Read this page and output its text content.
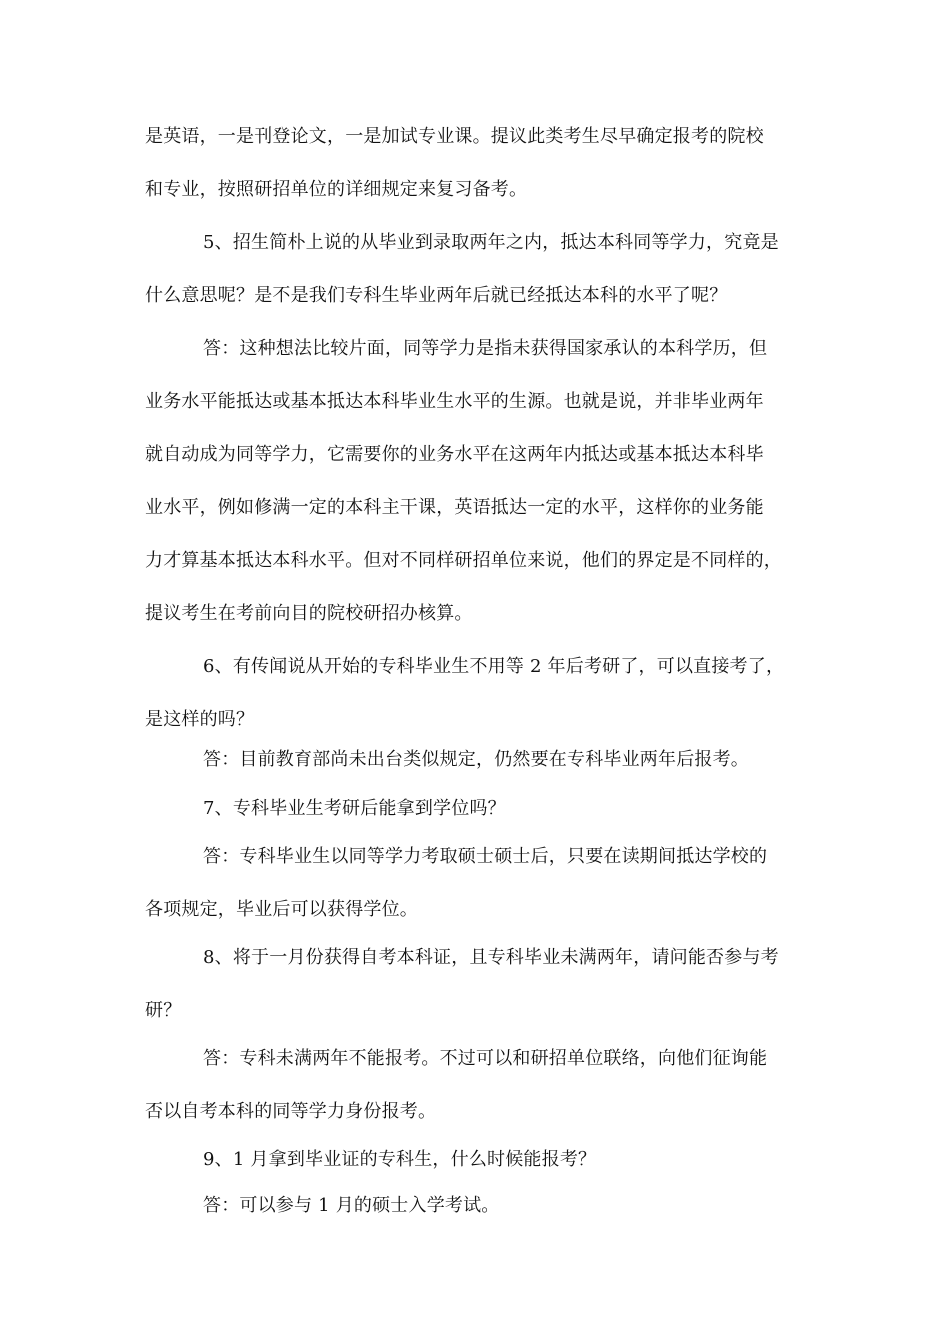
是英语，一是刊登论文，一是加试专业课。提议此类考生尽早确定报考的院校
和专业，按照研招单位的详细规定来复习备考。
5、招生简朴上说的从毕业到录取两年之内，抵达本科同等学力，究竟是
什么意思呢？是不是我们专科生毕业两年后就已经抵达本科的水平了呢？
答：这种想法比较片面，同等学力是指未获得国家承认的本科学历，但
业务水平能抵达或基本抵达本科毕业生水平的生源。也就是说，并非毕业两年
就自动成为同等学力，它需要你的业务水平在这两年内抵达或基本抵达本科毕
业水平，例如修满一定的本科主干课，英语抵达一定的水平，这样你的业务能
力才算基本抵达本科水平。但对不同样研招单位来说，他们的界定是不同样的，
提议考生在考前向目的院校研招办核算。
6、有传闻说从开始的专科毕业生不用等 2 年后考研了，可以直接考了，
是这样的吗？
答：目前教育部尚未出台类似规定，仍然要在专科毕业两年后报考。
7、专科毕业生考研后能拿到学位吗？
答：专科毕业生以同等学力考取硕士硕士后，只要在读期间抵达学校的
各项规定，毕业后可以获得学位。
8、将于一月份获得自考本科证，且专科毕业未满两年，请问能否参与考
研？
答：专科未满两年不能报考。不过可以和研招单位联络，向他们征询能
否以自考本科的同等学力身份报考。
9、1 月拿到毕业证的专科生，什么时候能报考？
答：可以参与 1 月的硕士入学考试。
